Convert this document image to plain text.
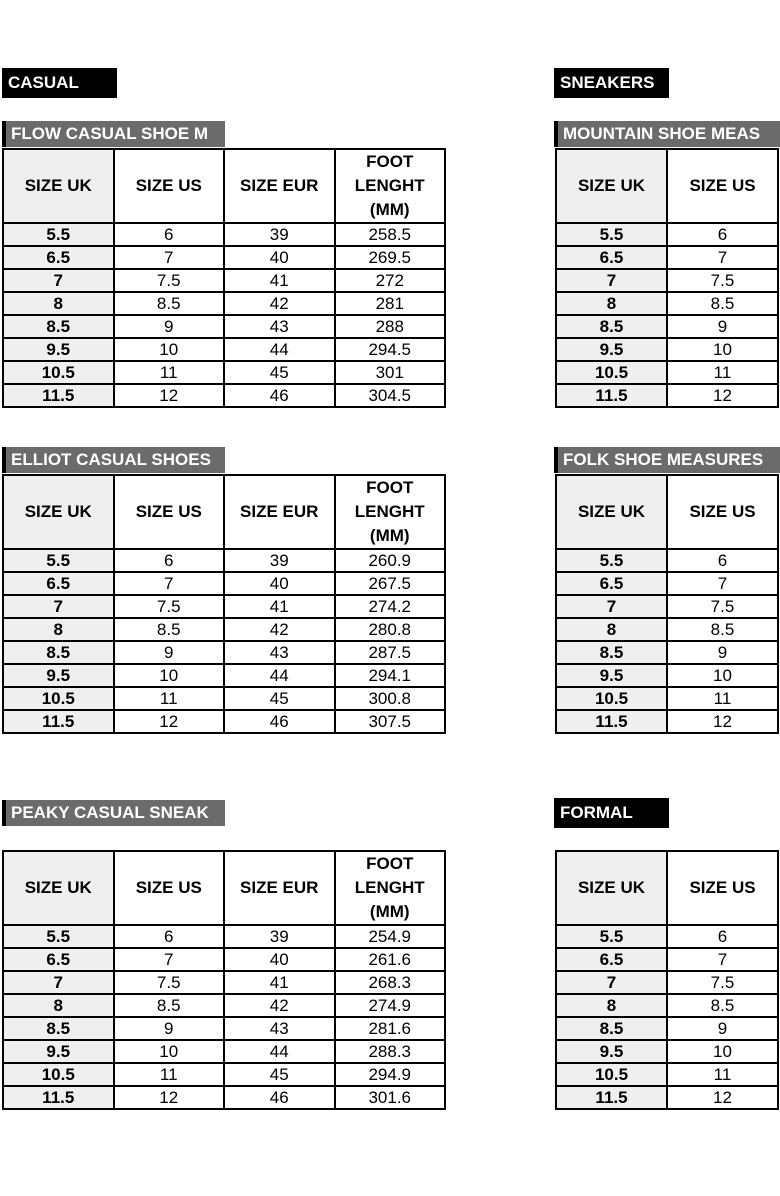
CASUAL	SNEAKERS
FORMAL
FLOW CASUAL SHOE M
ELLIOT CASUAL SHOES
PEAKY CASUAL SNEAK
MOUNTAIN SHOE MEAS
FOLK SHOE MEASURES
SIZE UK	SIZE US	SIZE EUR	FOOT
LENGHT
(MM)
5.5	6	39	258.5
6.5	7	40	269.5
7	7.5	41	272
8	8.5	42	281
8.5	9	43	288
9.5	10	44	294.5
10.5	11	45	301
11.5	12	46	304.5
SIZE UK	SIZE US	SIZE EUR	FOOT
LENGHT
(MM)
5.5	6	39	260.9
6.5	7	40	267.5
7	7.5	41	274.2
8	8.5	42	280.8
8.5	9	43	287.5
9.5	10	44	294.1
10.5	11	45	300.8
11.5	12	46	307.5
SIZE UK	SIZE US	SIZE EUR	FOOT
LENGHT
(MM)
5.5	6	39	254.9
6.5	7	40	261.6
7	7.5	41	268.3
8	8.5	42	274.9
8.5	9	43	281.6
9.5	10	44	288.3
10.5	11	45	294.9
11.5	12	46	301.6
SIZE UK	SIZE US
5.5	6
6.5	7
7	7.5
8	8.5
8.5	9
9.5	10
10.5	11
11.5	12
SIZE UK	SIZE US
5.5	6
6.5	7
7	7.5
8	8.5
8.5	9
9.5	10
10.5	11
11.5	12
SIZE UK	SIZE US
5.5	6
6.5	7
7	7.5
8	8.5
8.5	9
9.5	10
10.5	11
11.5	12
